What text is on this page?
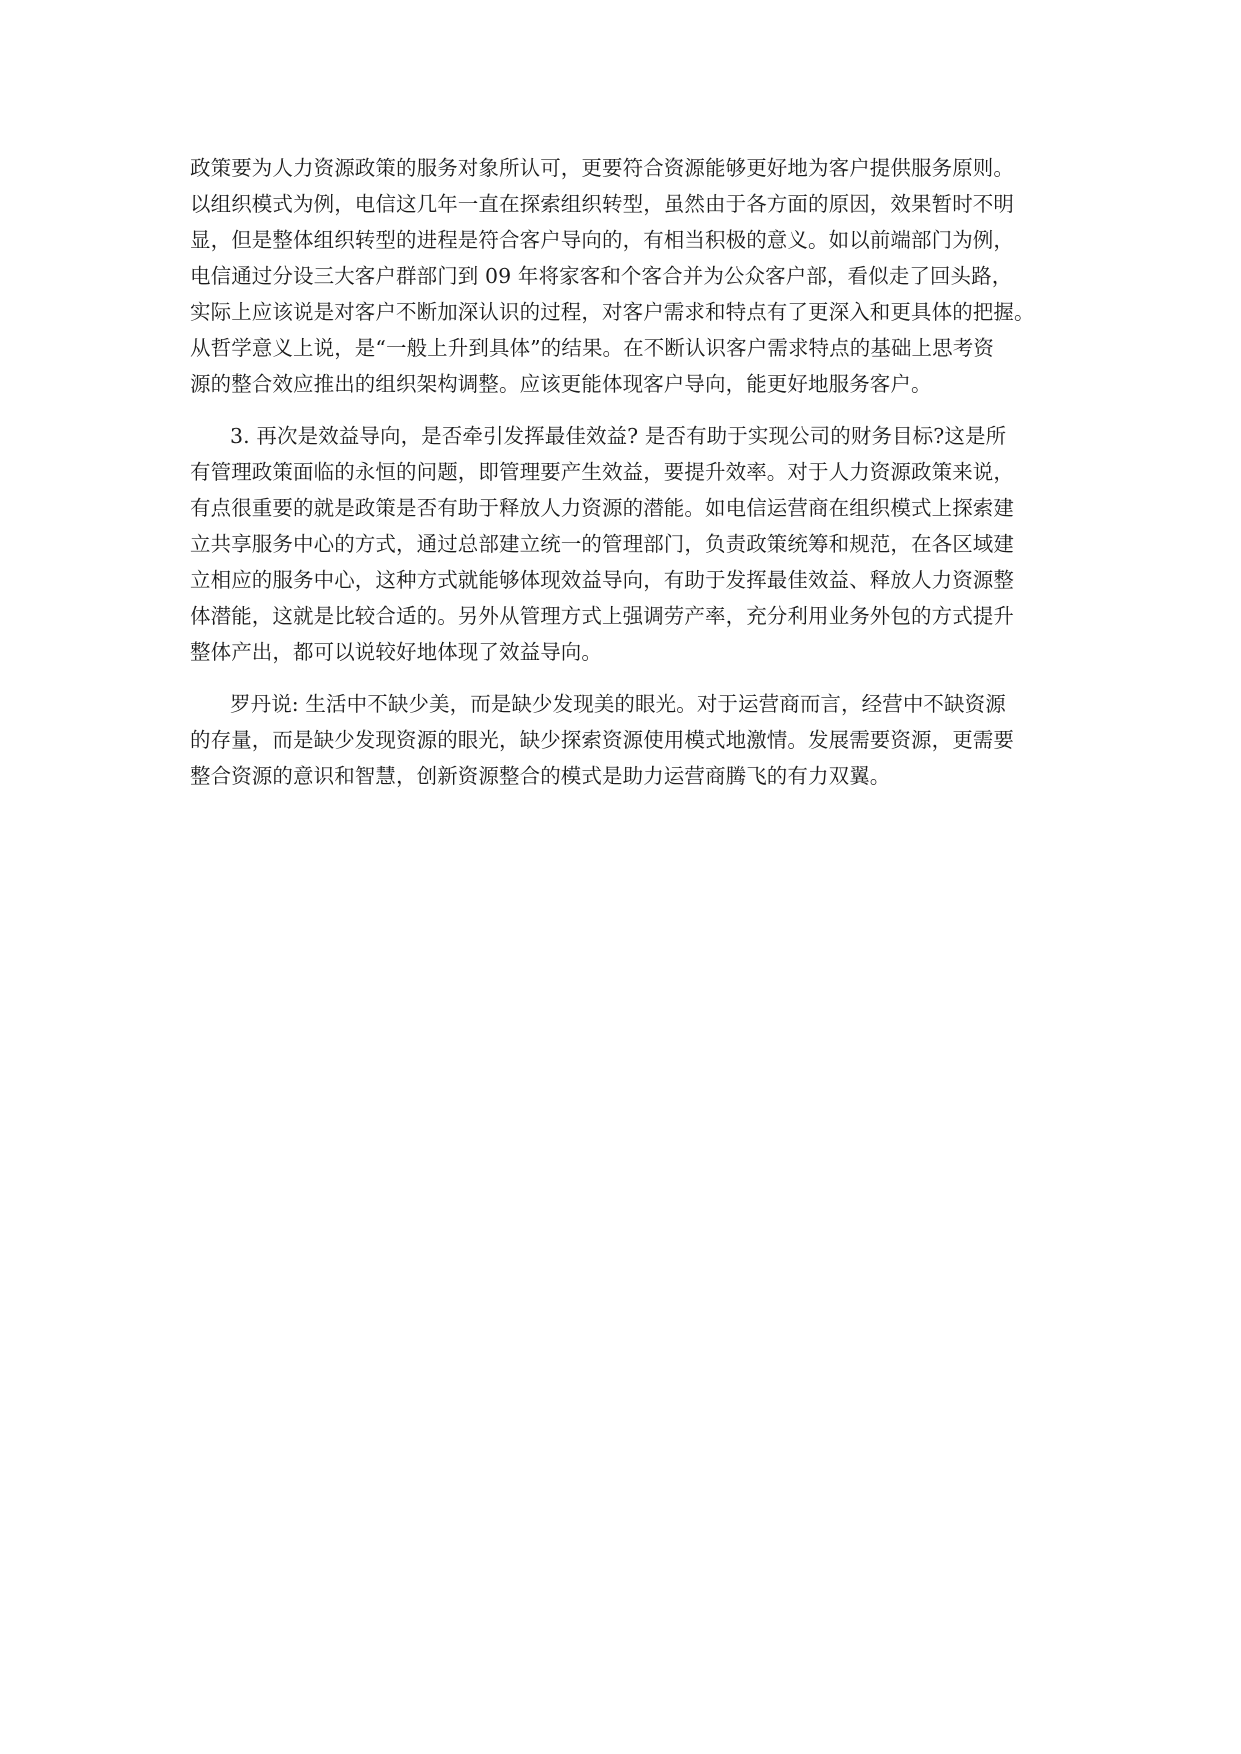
政策要为人力资源政策的服务对象所认可，更要符合资源能够更好地为客户提供服务原则。
以组织模式为例，电信这几年一直在探索组织转型，虽然由于各方面的原因，效果暂时不明
显，但是整体组织转型的进程是符合客户导向的，有相当积极的意义。如以前端部门为例，
电信通过分设三大客户群部门到 09 年将家客和个客合并为公众客户部，看似走了回头路，
实际上应该说是对客户不断加深认识的过程，对客户需求和特点有了更深入和更具体的把握。
从哲学意义上说，是“一般上升到具体”的结果。在不断认识客户需求特点的基础上思考资
源的整合效应推出的组织架构调整。应该更能体现客户导向，能更好地服务客户。

3. 再次是效益导向，是否牵引发挥最佳效益? 是否有助于实现公司的财务目标?这是所
有管理政策面临的永恒的问题，即管理要产生效益，要提升效率。对于人力资源政策来说，
有点很重要的就是政策是否有助于释放人力资源的潜能。如电信运营商在组织模式上探索建
立共享服务中心的方式，通过总部建立统一的管理部门，负责政策统筹和规范，在各区域建
立相应的服务中心，这种方式就能够体现效益导向，有助于发挥最佳效益、释放人力资源整
体潜能，这就是比较合适的。另外从管理方式上强调劳产率，充分利用业务外包的方式提升
整体产出，都可以说较好地体现了效益导向。

罗丹说: 生活中不缺少美，而是缺少发现美的眼光。对于运营商而言，经营中不缺资源
的存量，而是缺少发现资源的眼光，缺少探索资源使用模式地激情。发展需要资源，更需要
整合资源的意识和智慧，创新资源整合的模式是助力运营商腾飞的有力双翼。
